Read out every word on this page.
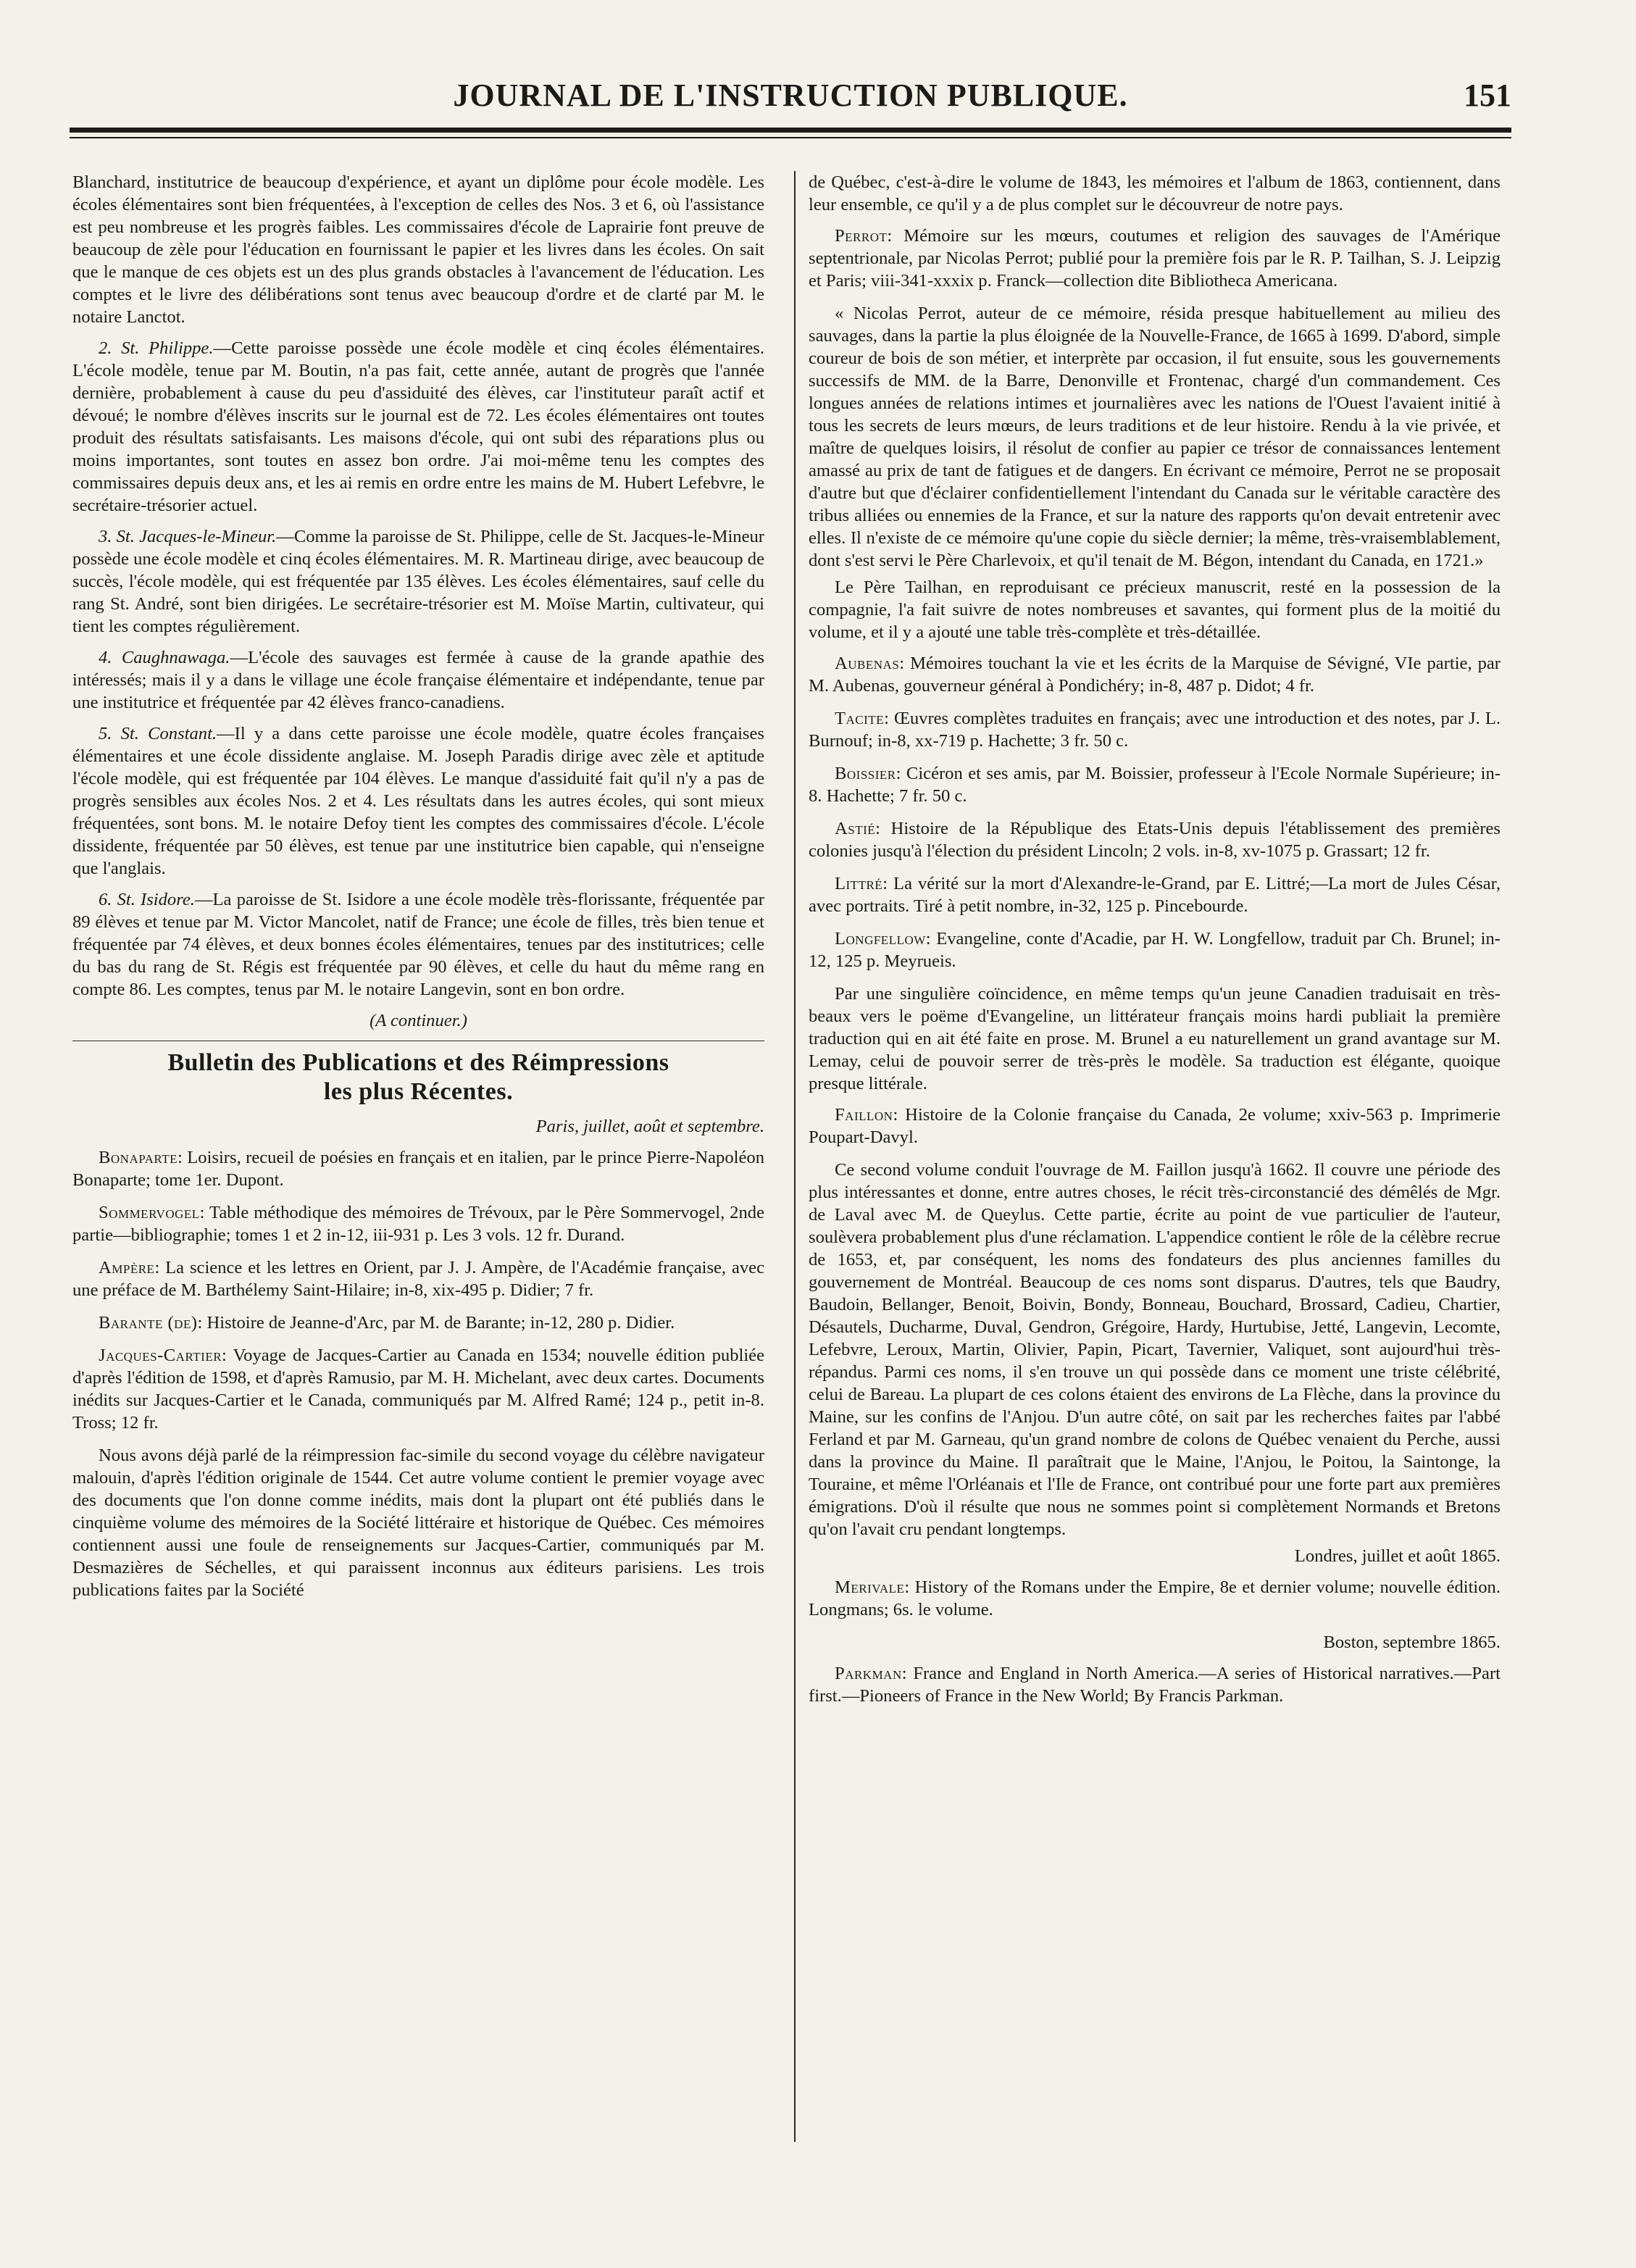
JOURNAL DE L'INSTRUCTION PUBLIQUE.	151

Blanchard, institutrice de beaucoup d'expérience, et ayant un diplôme pour école modèle. Les écoles élémentaires sont bien fréquentées, à l'exception de celles des Nos. 3 et 6, où l'assistance est peu nombreuse et les progrès faibles. Les commissaires d'école de Laprairie font preuve de beaucoup de zèle pour l'éducation en fournissant le papier et les livres dans les écoles. On sait que le manque de ces objets est un des plus grands obstacles à l'avancement de l'éducation. Les comptes et le livre des délibérations sont tenus avec beaucoup d'ordre et de clarté par M. le notaire Lanctot.

2. St. Philippe.—Cette paroisse possède une école modèle et cinq écoles élémentaires. L'école modèle, tenue par M. Boutin, n'a pas fait, cette année, autant de progrès que l'année dernière, probablement à cause du peu d'assiduité des élèves, car l'instituteur paraît actif et dévoué; le nombre d'élèves inscrits sur le journal est de 72. Les écoles élémentaires ont toutes produit des résultats satisfaisants. Les maisons d'école, qui ont subi des réparations plus ou moins importantes, sont toutes en assez bon ordre. J'ai moi-même tenu les comptes des commissaires depuis deux ans, et les ai remis en ordre entre les mains de M. Hubert Lefebvre, le secrétaire-trésorier actuel.

3. St. Jacques-le-Mineur.—Comme la paroisse de St. Philippe, celle de St. Jacques-le-Mineur possède une école modèle et cinq écoles élémentaires. M. R. Martineau dirige, avec beaucoup de succès, l'école modèle, qui est fréquentée par 135 élèves. Les écoles élémentaires, sauf celle du rang St. André, sont bien dirigées. Le secrétaire-trésorier est M. Moïse Martin, cultivateur, qui tient les comptes régulièrement.

4. Caughnawaga.—L'école des sauvages est fermée à cause de la grande apathie des intéressés; mais il y a dans le village une école française élémentaire et indépendante, tenue par une institutrice et fréquentée par 42 élèves franco-canadiens.

5. St. Constant.—Il y a dans cette paroisse une école modèle, quatre écoles françaises élémentaires et une école dissidente anglaise. M. Joseph Paradis dirige avec zèle et aptitude l'école modèle, qui est fréquentée par 104 élèves. Le manque d'assiduité fait qu'il n'y a pas de progrès sensibles aux écoles Nos. 2 et 4. Les résultats dans les autres écoles, qui sont mieux fréquentées, sont bons. M. le notaire Defoy tient les comptes des commissaires d'école. L'école dissidente, fréquentée par 50 élèves, est tenue par une institutrice bien capable, qui n'enseigne que l'anglais.

6. St. Isidore.—La paroisse de St. Isidore a une école modèle très-florissante, fréquentée par 89 élèves et tenue par M. Victor Mancolet, natif de France; une école de filles, très bien tenue et fréquentée par 74 élèves, et deux bonnes écoles élémentaires, tenues par des institutrices; celle du bas du rang de St. Régis est fréquentée par 90 élèves, et celle du haut du même rang en compte 86. Les comptes, tenus par M. le notaire Langevin, sont en bon ordre.

(A continuer.)

Bulletin des Publications et des Réimpressions
les plus Récentes.

Paris, juillet, août et septembre.

Bonaparte: Loisirs, recueil de poésies en français et en italien, par le prince Pierre-Napoléon Bonaparte; tome 1er. Dupont.

Sommervogel: Table méthodique des mémoires de Trévoux, par le Père Sommervogel, 2nde partie—bibliographie; tomes 1 et 2 in-12, iii-931 p. Les 3 vols. 12 fr. Durand.

Ampère: La science et les lettres en Orient, par J. J. Ampère, de l'Académie française, avec une préface de M. Barthélemy Saint-Hilaire; in-8, xix-495 p. Didier; 7 fr.

Barante (de): Histoire de Jeanne-d'Arc, par M. de Barante; in-12, 280 p. Didier.

Jacques-Cartier: Voyage de Jacques-Cartier au Canada en 1534; nouvelle édition publiée d'après l'édition de 1598, et d'après Ramusio, par M. H. Michelant, avec deux cartes. Documents inédits sur Jacques-Cartier et le Canada, communiqués par M. Alfred Ramé; 124 p., petit in-8. Tross; 12 fr.

Nous avons déjà parlé de la réimpression fac-simile du second voyage du célèbre navigateur malouin, d'après l'édition originale de 1544. Cet autre volume contient le premier voyage avec des documents que l'on donne comme inédits, mais dont la plupart ont été publiés dans le cinquième volume des mémoires de la Société littéraire et historique de Québec. Ces mémoires contiennent aussi une foule de renseignements sur Jacques-Cartier, communiqués par M. Desmazières de Séchelles, et qui paraissent inconnus aux éditeurs parisiens. Les trois publications faites par la Société

de Québec, c'est-à-dire le volume de 1843, les mémoires et l'album de 1863, contiennent, dans leur ensemble, ce qu'il y a de plus complet sur le découvreur de notre pays.

Perrot: Mémoire sur les mœurs, coutumes et religion des sauvages de l'Amérique septentrionale, par Nicolas Perrot; publié pour la première fois par le R. P. Tailhan, S. J. Leipzig et Paris; viii-341-xxxix p. Franck—collection dite Bibliotheca Americana.

« Nicolas Perrot, auteur de ce mémoire, résida presque habituellement au milieu des sauvages, dans la partie la plus éloignée de la Nouvelle-France, de 1665 à 1699. D'abord, simple coureur de bois de son métier, et interprète par occasion, il fut ensuite, sous les gouvernements successifs de MM. de la Barre, Denonville et Frontenac, chargé d'un commandement. Ces longues années de relations intimes et journalières avec les nations de l'Ouest l'avaient initié à tous les secrets de leurs mœurs, de leurs traditions et de leur histoire. Rendu à la vie privée, et maître de quelques loisirs, il résolut de confier au papier ce trésor de connaissances lentement amassé au prix de tant de fatigues et de dangers. En écrivant ce mémoire, Perrot ne se proposait d'autre but que d'éclairer confidentiellement l'intendant du Canada sur le véritable caractère des tribus alliées ou ennemies de la France, et sur la nature des rapports qu'on devait entretenir avec elles. Il n'existe de ce mémoire qu'une copie du siècle dernier; la même, très-vraisemblablement, dont s'est servi le Père Charlevoix, et qu'il tenait de M. Bégon, intendant du Canada, en 1721.»

Le Père Tailhan, en reproduisant ce précieux manuscrit, resté en la possession de la compagnie, l'a fait suivre de notes nombreuses et savantes, qui forment plus de la moitié du volume, et il y a ajouté une table très-complète et très-détaillée.

Aubenas: Mémoires touchant la vie et les écrits de la Marquise de Sévigné, VIe partie, par M. Aubenas, gouverneur général à Pondichéry; in-8, 487 p. Didot; 4 fr.

Tacite: Œuvres complètes traduites en français; avec une introduction et des notes, par J. L. Burnouf; in-8, xx-719 p. Hachette; 3 fr. 50 c.

Boissier: Cicéron et ses amis, par M. Boissier, professeur à l'Ecole Normale Supérieure; in-8. Hachette; 7 fr. 50 c.

Astié: Histoire de la République des Etats-Unis depuis l'établissement des premières colonies jusqu'à l'élection du président Lincoln; 2 vols. in-8, xv-1075 p. Grassart; 12 fr.

Littré: La vérité sur la mort d'Alexandre-le-Grand, par E. Littré;—La mort de Jules César, avec portraits. Tiré à petit nombre, in-32, 125 p. Pincebourde.

Longfellow: Evangeline, conte d'Acadie, par H. W. Longfellow, traduit par Ch. Brunel; in-12, 125 p. Meyrueis.

Par une singulière coïncidence, en même temps qu'un jeune Canadien traduisait en très-beaux vers le poëme d'Evangeline, un littérateur français moins hardi publiait la première traduction qui en ait été faite en prose. M. Brunel a eu naturellement un grand avantage sur M. Lemay, celui de pouvoir serrer de très-près le modèle. Sa traduction est élégante, quoique presque littérale.

Faillon: Histoire de la Colonie française du Canada, 2e volume; xxiv-563 p. Imprimerie Poupart-Davyl.

Ce second volume conduit l'ouvrage de M. Faillon jusqu'à 1662. Il couvre une période des plus intéressantes et donne, entre autres choses, le récit très-circonstancié des démêlés de Mgr. de Laval avec M. de Queylus. Cette partie, écrite au point de vue particulier de l'auteur, soulèvera probablement plus d'une réclamation. L'appendice contient le rôle de la célèbre recrue de 1653, et, par conséquent, les noms des fondateurs des plus anciennes familles du gouvernement de Montréal. Beaucoup de ces noms sont disparus. D'autres, tels que Baudry, Baudoin, Bellanger, Benoit, Boivin, Bondy, Bonneau, Bouchard, Brossard, Cadieu, Chartier, Désautels, Ducharme, Duval, Gendron, Grégoire, Hardy, Hurtubise, Jetté, Langevin, Lecomte, Lefebvre, Leroux, Martin, Olivier, Papin, Picart, Tavernier, Valiquet, sont aujourd'hui très-répandus. Parmi ces noms, il s'en trouve un qui possède dans ce moment une triste célébrité, celui de Bareau. La plupart de ces colons étaient des environs de La Flèche, dans la province du Maine, sur les confins de l'Anjou. D'un autre côté, on sait par les recherches faites par l'abbé Ferland et par M. Garneau, qu'un grand nombre de colons de Québec venaient du Perche, aussi dans la province du Maine. Il paraîtrait que le Maine, l'Anjou, le Poitou, la Saintonge, la Touraine, et même l'Orléanais et l'Ile de France, ont contribué pour une forte part aux premières émigrations. D'où il résulte que nous ne sommes point si complètement Normands et Bretons qu'on l'avait cru pendant longtemps.

Londres, juillet et août 1865.

Merivale: History of the Romans under the Empire, 8e et dernier volume; nouvelle édition. Longmans; 6s. le volume.

Boston, septembre 1865.

Parkman: France and England in North America.—A series of Historical narratives.—Part first.—Pioneers of France in the New World; By Francis Parkman.
